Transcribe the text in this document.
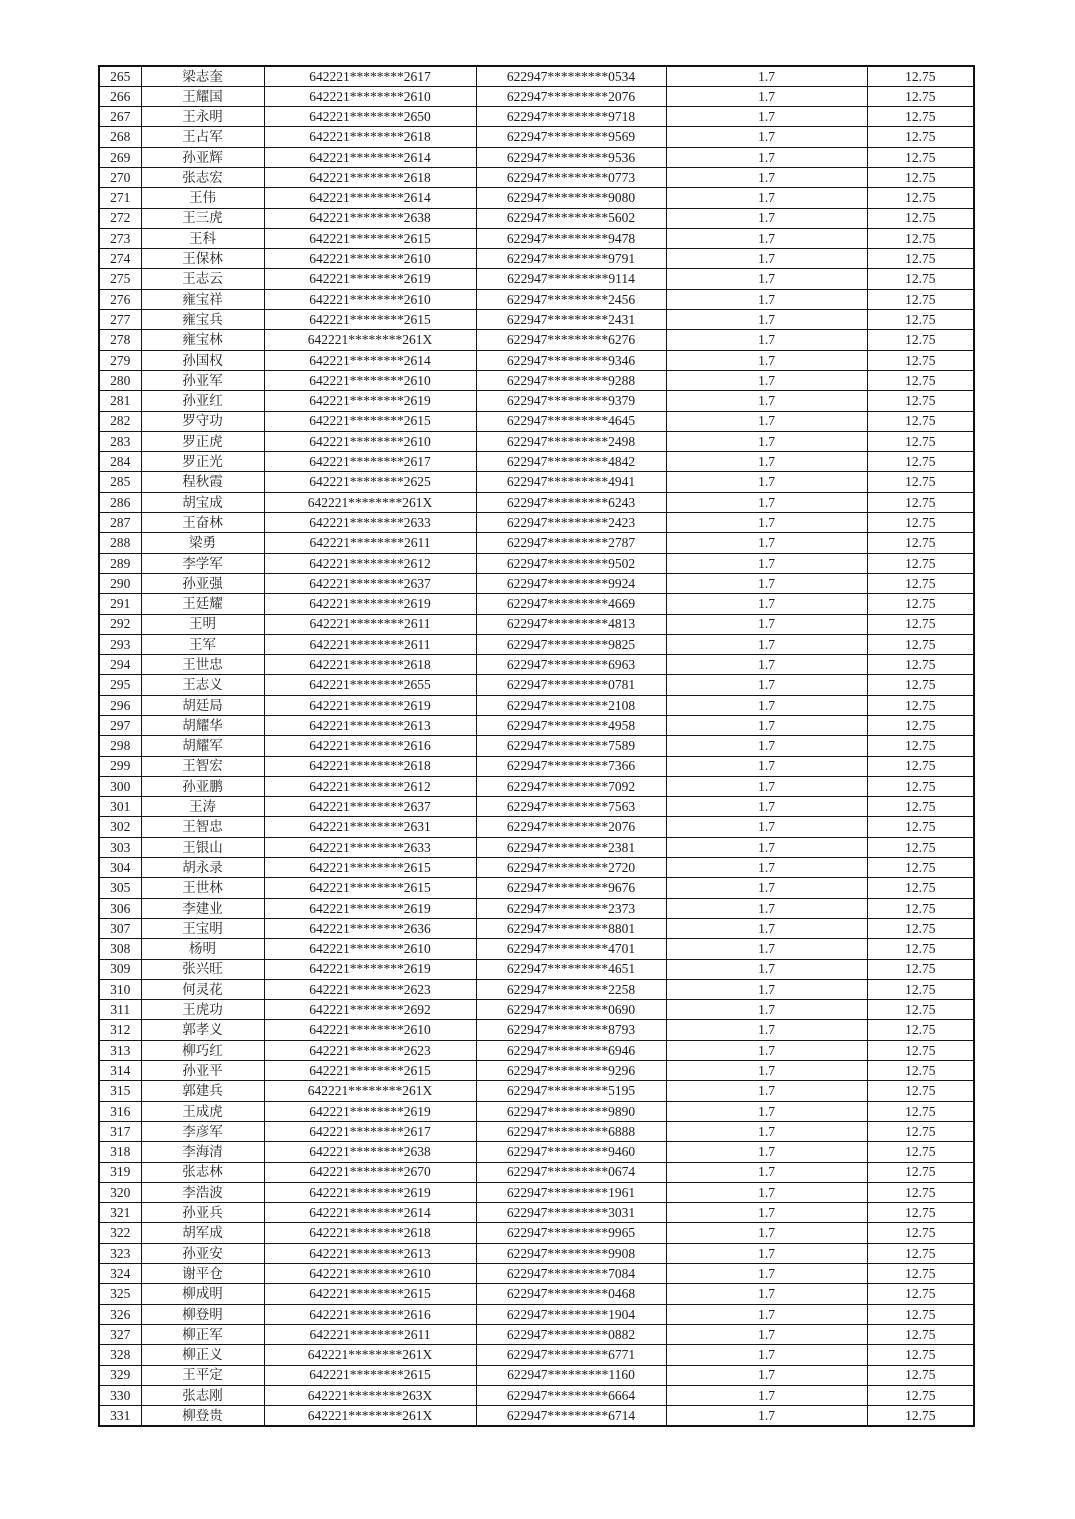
265	梁志奎	642221********2617	622947*********0534	1.7	12.75
266	王耀国	642221********2610	622947*********2076	1.7	12.75
267	王永明	642221********2650	622947*********9718	1.7	12.75
268	王占军	642221********2618	622947*********9569	1.7	12.75
269	孙亚辉	642221********2614	622947*********9536	1.7	12.75
270	张志宏	642221********2618	622947*********0773	1.7	12.75
271	王伟	642221********2614	622947*********9080	1.7	12.75
272	王三虎	642221********2638	622947*********5602	1.7	12.75
273	王科	642221********2615	622947*********9478	1.7	12.75
274	王保林	642221********2610	622947*********9791	1.7	12.75
275	王志云	642221********2619	622947*********9114	1.7	12.75
276	雍宝祥	642221********2610	622947*********2456	1.7	12.75
277	雍宝兵	642221********2615	622947*********2431	1.7	12.75
278	雍宝林	642221********261X	622947*********6276	1.7	12.75
279	孙国权	642221********2614	622947*********9346	1.7	12.75
280	孙亚军	642221********2610	622947*********9288	1.7	12.75
281	孙亚红	642221********2619	622947*********9379	1.7	12.75
282	罗守功	642221********2615	622947*********4645	1.7	12.75
283	罗正虎	642221********2610	622947*********2498	1.7	12.75
284	罗正光	642221********2617	622947*********4842	1.7	12.75
285	程秋霞	642221********2625	622947*********4941	1.7	12.75
286	胡宝成	642221********261X	622947*********6243	1.7	12.75
287	王奋林	642221********2633	622947*********2423	1.7	12.75
288	梁勇	642221********2611	622947*********2787	1.7	12.75
289	李学军	642221********2612	622947*********9502	1.7	12.75
290	孙亚强	642221********2637	622947*********9924	1.7	12.75
291	王廷耀	642221********2619	622947*********4669	1.7	12.75
292	王明	642221********2611	622947*********4813	1.7	12.75
293	王军	642221********2611	622947*********9825	1.7	12.75
294	王世忠	642221********2618	622947*********6963	1.7	12.75
295	王志义	642221********2655	622947*********0781	1.7	12.75
296	胡廷局	642221********2619	622947*********2108	1.7	12.75
297	胡耀华	642221********2613	622947*********4958	1.7	12.75
298	胡耀军	642221********2616	622947*********7589	1.7	12.75
299	王智宏	642221********2618	622947*********7366	1.7	12.75
300	孙亚鹏	642221********2612	622947*********7092	1.7	12.75
301	王涛	642221********2637	622947*********7563	1.7	12.75
302	王智忠	642221********2631	622947*********2076	1.7	12.75
303	王银山	642221********2633	622947*********2381	1.7	12.75
304	胡永录	642221********2615	622947*********2720	1.7	12.75
305	王世林	642221********2615	622947*********9676	1.7	12.75
306	李建业	642221********2619	622947*********2373	1.7	12.75
307	王宝明	642221********2636	622947*********8801	1.7	12.75
308	杨明	642221********2610	622947*********4701	1.7	12.75
309	张兴旺	642221********2619	622947*********4651	1.7	12.75
310	何灵花	642221********2623	622947*********2258	1.7	12.75
311	王虎功	642221********2692	622947*********0690	1.7	12.75
312	郭孝义	642221********2610	622947*********8793	1.7	12.75
313	柳巧红	642221********2623	622947*********6946	1.7	12.75
314	孙亚平	642221********2615	622947*********9296	1.7	12.75
315	郭建兵	642221********261X	622947*********5195	1.7	12.75
316	王成虎	642221********2619	622947*********9890	1.7	12.75
317	李彦军	642221********2617	622947*********6888	1.7	12.75
318	李海清	642221********2638	622947*********9460	1.7	12.75
319	张志林	642221********2670	622947*********0674	1.7	12.75
320	李浩波	642221********2619	622947*********1961	1.7	12.75
321	孙亚兵	642221********2614	622947*********3031	1.7	12.75
322	胡军成	642221********2618	622947*********9965	1.7	12.75
323	孙亚安	642221********2613	622947*********9908	1.7	12.75
324	谢平仓	642221********2610	622947*********7084	1.7	12.75
325	柳成明	642221********2615	622947*********0468	1.7	12.75
326	柳登明	642221********2616	622947*********1904	1.7	12.75
327	柳正军	642221********2611	622947*********0882	1.7	12.75
328	柳正义	642221********261X	622947*********6771	1.7	12.75
329	王平定	642221********2615	622947*********1160	1.7	12.75
330	张志刚	642221********263X	622947*********6664	1.7	12.75
331	柳登贵	642221********261X	622947*********6714	1.7	12.75
